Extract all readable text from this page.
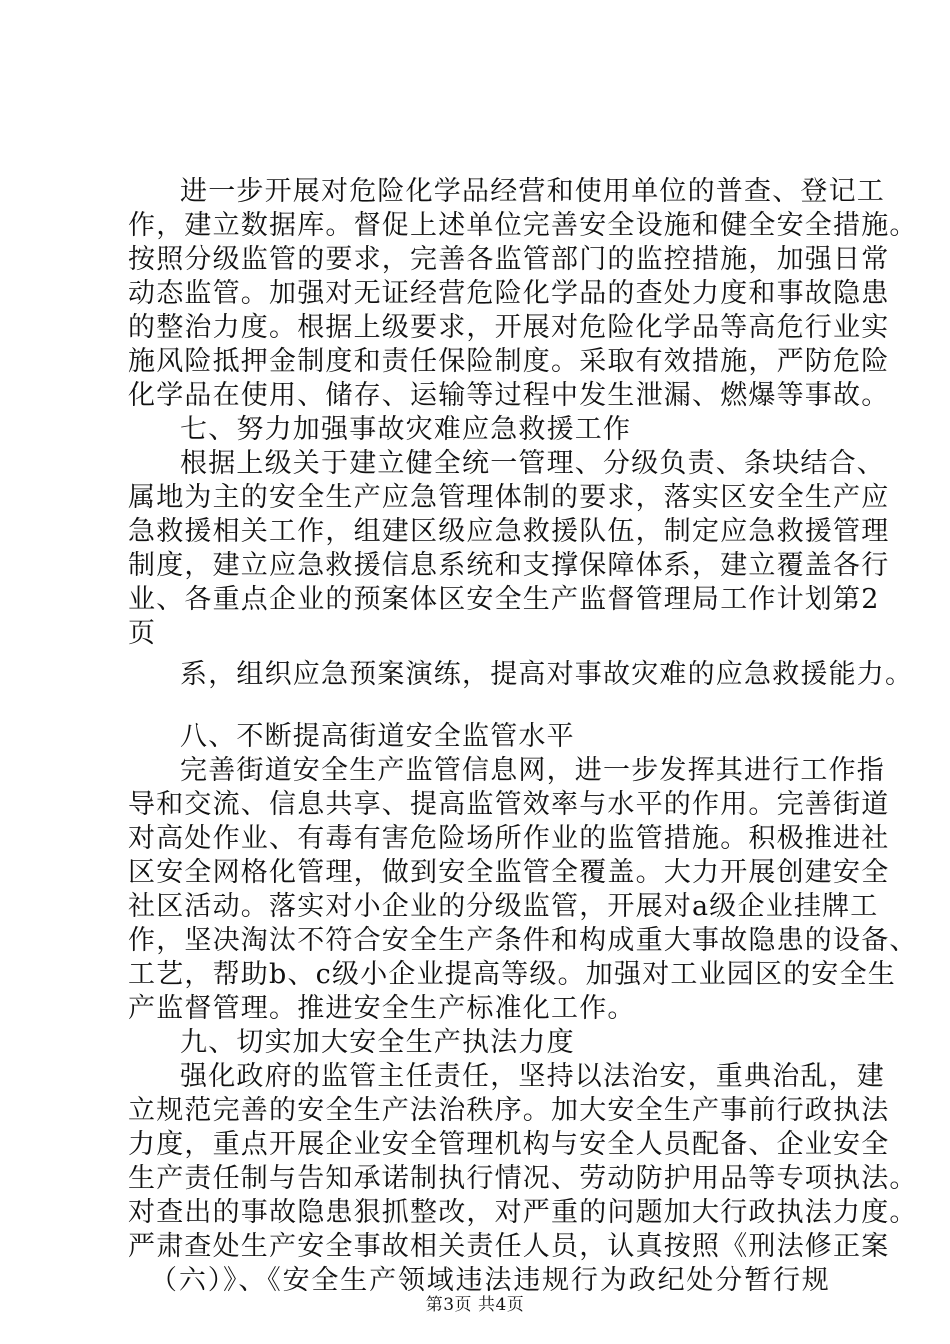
进一步开展对危险化学品经营和使用单位的普查、登记工
作，建立数据库。督促上述单位完善安全设施和健全安全措施。
按照分级监管的要求，完善各监管部门的监控措施，加强日常
动态监管。加强对无证经营危险化学品的查处力度和事故隐患
的整治力度。根据上级要求，开展对危险化学品等高危行业实
施风险抵押金制度和责任保险制度。采取有效措施，严防危险
化学品在使用、储存、运输等过程中发生泄漏、燃爆等事故。
七、努力加强事故灾难应急救援工作
根据上级关于建立健全统一管理、分级负责、条块结合、
属地为主的安全生产应急管理体制的要求，落实区安全生产应
急救援相关工作，组建区级应急救援队伍，制定应急救援管理
制度，建立应急救援信息系统和支撑保障体系，建立覆盖各行
业、各重点企业的预案体区安全生产监督管理局工作计划第2
页
系，组织应急预案演练，提高对事故灾难的应急救援能力。
八、不断提高街道安全监管水平
完善街道安全生产监管信息网，进一步发挥其进行工作指
导和交流、信息共享、提高监管效率与水平的作用。完善街道
对高处作业、有毒有害危险场所作业的监管措施。积极推进社
区安全网格化管理，做到安全监管全覆盖。大力开展创建安全
社区活动。落实对小企业的分级监管，开展对a级企业挂牌工
作，坚决淘汰不符合安全生产条件和构成重大事故隐患的设备、
工艺，帮助b、c级小企业提高等级。加强对工业园区的安全生
产监督管理。推进安全生产标准化工作。
九、切实加大安全生产执法力度
强化政府的监管主任责任，坚持以法治安，重典治乱，建
立规范完善的安全生产法治秩序。加大安全生产事前行政执法
力度，重点开展企业安全管理机构与安全人员配备、企业安全
生产责任制与告知承诺制执行情况、劳动防护用品等专项执法。
对查出的事故隐患狠抓整改，对严重的问题加大行政执法力度。
严肃查处生产安全事故相关责任人员，认真按照《刑法修正案
（六）》、《安全生产领域违法违规行为政纪处分暂行规
第3页 共4页
